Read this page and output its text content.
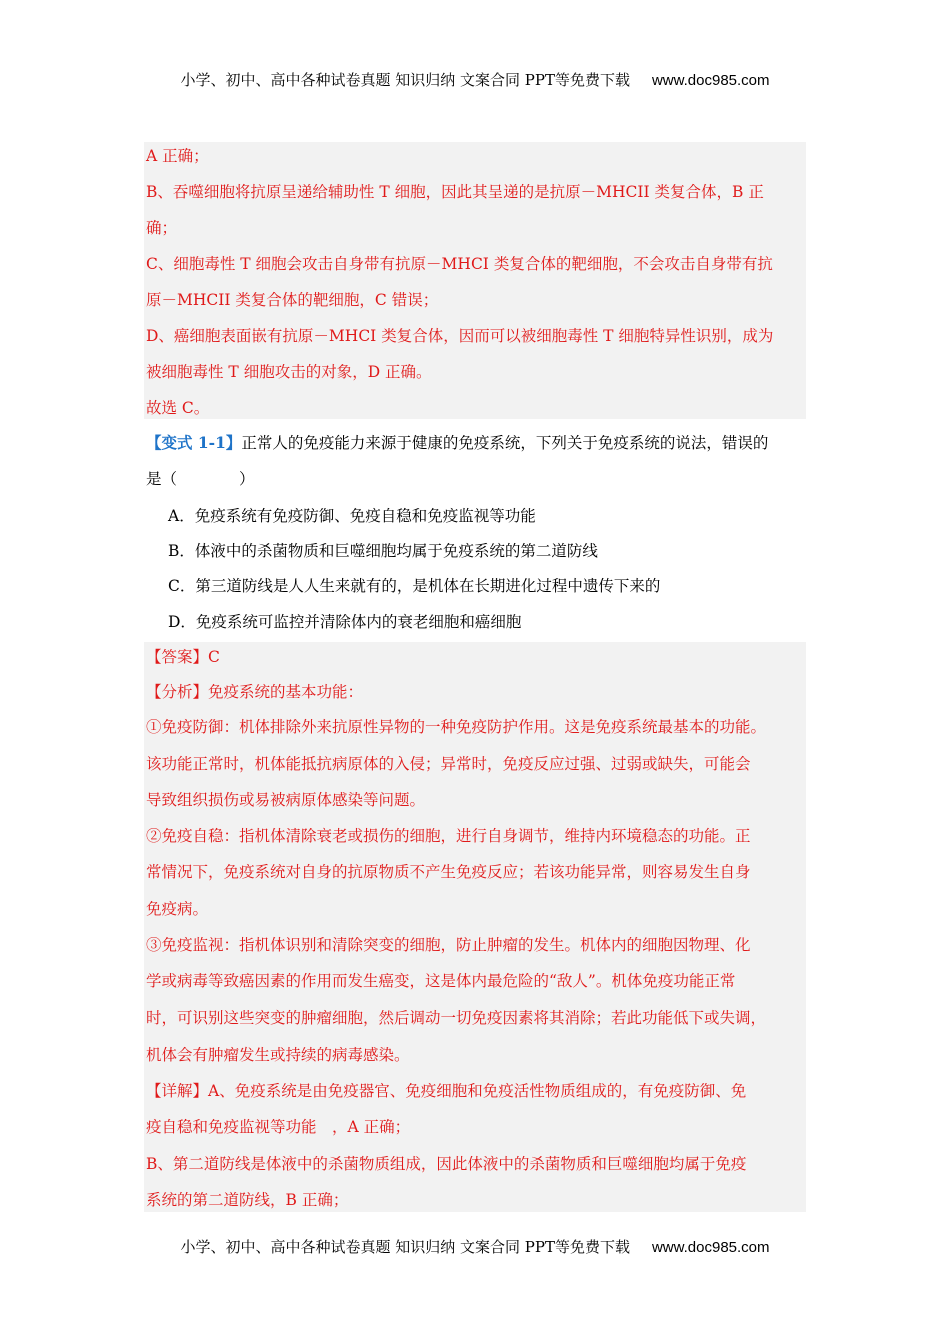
小学、初中、高中各种试卷真题 知识归纳 文案合同 PPT等免费下载 www.doc985.com
A 正确；
B、吞噬细胞将抗原呈递给辅助性 T 细胞，因此其呈递的是抗原－MHCII 类复合体，B 正
确；
C、细胞毒性 T 细胞会攻击自身带有抗原－MHCI 类复合体的靶细胞，不会攻击自身带有抗
原－MHCII 类复合体的靶细胞，C 错误；
D、癌细胞表面嵌有抗原－MHCI 类复合体，因而可以被细胞毒性 T 细胞特异性识别，成为
被细胞毒性 T 细胞攻击的对象，D 正确。
故选 C。
【变式 1-1】正常人的免疫能力来源于健康的免疫系统，下列关于免疫系统的说法，错误的
是（　　　　）
A．免疫系统有免疫防御、免疫自稳和免疫监视等功能
B．体液中的杀菌物质和巨噬细胞均属于免疫系统的第二道防线
C．第三道防线是人人生来就有的，是机体在长期进化过程中遗传下来的
D．免疫系统可监控并清除体内的衰老细胞和癌细胞
【答案】C
【分析】免疫系统的基本功能：
①免疫防御：机体排除外来抗原性异物的一种免疫防护作用。这是免疫系统最基本的功能。
该功能正常时，机体能抵抗病原体的入侵；异常时，免疫反应过强、过弱或缺失，可能会
导致组织损伤或易被病原体感染等问题。
②免疫自稳：指机体清除衰老或损伤的细胞，进行自身调节，维持内环境稳态的功能。正
常情况下，免疫系统对自身的抗原物质不产生免疫反应；若该功能异常，则容易发生自身
免疫病。
③免疫监视：指机体识别和清除突变的细胞，防止肿瘤的发生。机体内的细胞因物理、化
学或病毒等致癌因素的作用而发生癌变，这是体内最危险的“敌人”。机体免疫功能正常
时，可识别这些突变的肿瘤细胞，然后调动一切免疫因素将其消除；若此功能低下或失调，
机体会有肿瘤发生或持续的病毒感染。
【详解】A、免疫系统是由免疫器官、免疫细胞和免疫活性物质组成的，有免疫防御、免
疫自稳和免疫监视等功能　，A 正确；
B、第二道防线是体液中的杀菌物质组成，因此体液中的杀菌物质和巨噬细胞均属于免疫
系统的第二道防线，B 正确；
小学、初中、高中各种试卷真题 知识归纳 文案合同 PPT等免费下载 www.doc985.com
